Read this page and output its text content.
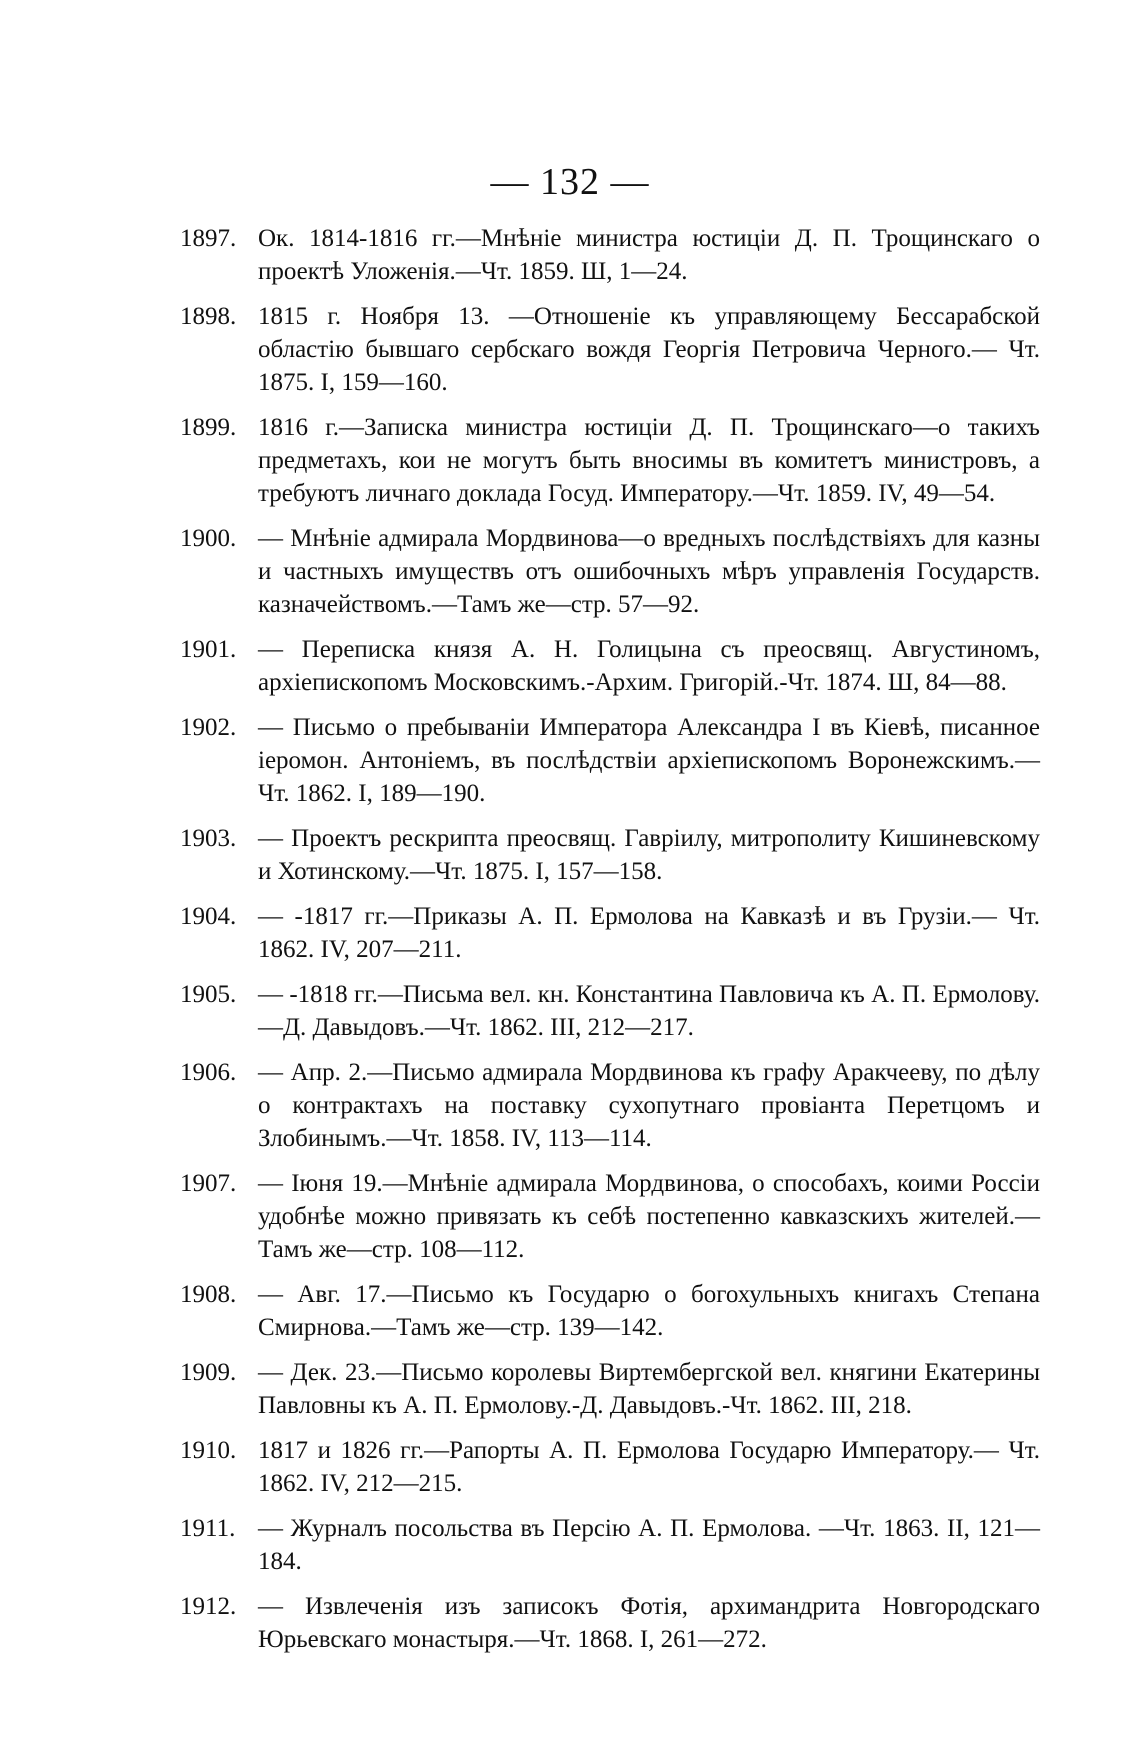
— 132 —
1897. Ок. 1814-1816 гг.—Мнѣніе министра юстиціи Д. П. Трощинскаго о проектѣ Уложенія.—Чт. 1859. Ш, 1—24.
1898. 1815 г. Ноября 13. —Отношеніе къ управляющему Бессарабской областію бывшаго сербскаго вождя Георгія Петровича Черного.— Чт. 1875. I, 159—160.
1899. 1816 г.—Записка министра юстиціи Д. П. Трощинскаго—о такихъ предметахъ, кои не могутъ быть вносимы въ комитетъ министровъ, а требуютъ личнаго доклада Госуд. Императору.—Чт. 1859. IV, 49—54.
1900. — Мнѣніе адмирала Мордвинова—о вредныхъ послѣдствіяхъ для казны и частныхъ имуществъ отъ ошибочныхъ мѣръ управленія Государств. казначействомъ.—Тамъ же—стр. 57—92.
1901. — Переписка князя А. Н. Голицына съ преосвящ. Августиномъ, архіепископомъ Московскимъ.-Архим. Григорій.-Чт. 1874. Ш, 84—88.
1902. — Письмо о пребываніи Императора Александра I въ Кіевѣ, писанное іеромон. Антоніемъ, въ послѣдствіи архіепископомъ Воронежскимъ.—Чт. 1862. I, 189—190.
1903. — Проектъ рескрипта преосвящ. Гавріилу, митрополиту Кишиневскому и Хотинскому.—Чт. 1875. I, 157—158.
1904. — -1817 гг.—Приказы А. П. Ермолова на Кавказѣ и въ Грузіи.— Чт. 1862. IV, 207—211.
1905. — -1818 гг.—Письма вел. кн. Константина Павловича къ А. П. Ермолову.—Д. Давыдовъ.—Чт. 1862. III, 212—217.
1906. — Апр. 2.—Письмо адмирала Мордвинова къ графу Аракчееву, по дѣлу о контрактахъ на поставку сухопутнаго провіанта Перетцомъ и Злобинымъ.—Чт. 1858. IV, 113—114.
1907. — Іюня 19.—Мнѣніе адмирала Мордвинова, о способахъ, коими Россіи удобнѣе можно привязать къ себѣ постепенно кавказскихъ жителей.—Тамъ же—стр. 108—112.
1908. — Авг. 17.—Письмо къ Государю о богохульныхъ книгахъ Степана Смирнова.—Тамъ же—стр. 139—142.
1909. — Дек. 23.—Письмо королевы Виртембергской вел. княгини Екатерины Павловны къ А. П. Ермолову.-Д. Давыдовъ.-Чт. 1862. III, 218.
1910. 1817 и 1826 гг.—Рапорты А. П. Ермолова Государю Императору.— Чт. 1862. IV, 212—215.
1911. — Журналъ посольства въ Персію А. П. Ермолова. —Чт. 1863. II, 121—184.
1912. — Извлеченія изъ записокъ Фотія, архимандрита Новгородскаго Юрьевскаго монастыря.—Чт. 1868. I, 261—272.
